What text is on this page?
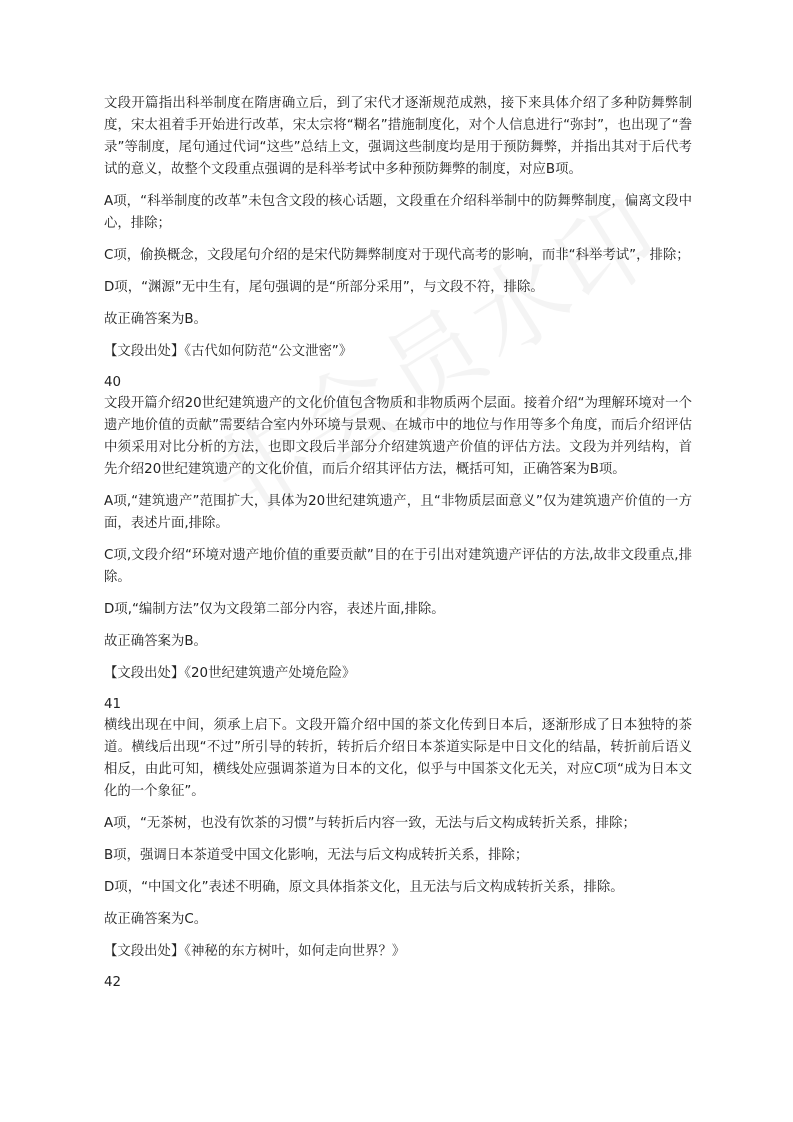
文段开篇指出科举制度在隋唐确立后，到了宋代才逐渐规范成熟，接下来具体介绍了多种防舞弊制度，宋太祖着手开始进行改革，宋太宗将“糊名”措施制度化，对个人信息进行“弥封”，也出现了“誊录”等制度，尾句通过代词“这些”总结上文，强调这些制度均是用于预防舞弊，并指出其对于后代考试的意义，故整个文段重点强调的是科举考试中多种预防舞弊的制度，对应B项。

A项，“科举制度的改革”未包含文段的核心话题，文段重在介绍科举制中的防舞弊制度，偏离文段中心，排除；

C项，偷换概念，文段尾句介绍的是宋代防舞弊制度对于现代高考的影响，而非“科举考试”，排除；

D项，“渊源”无中生有，尾句强调的是“所部分采用”，与文段不符，排除。

故正确答案为B。

【文段出处】《古代如何防范“公文泄密”》

40

文段开篇介绍20世纪建筑遗产的文化价值包含物质和非物质两个层面。接着介绍“为理解环境对一个遗产地价值的贡献”需要结合室内外环境与景观、在城市中的地位与作用等多个角度，而后介绍评估中须采用对比分析的方法，也即文段后半部分介绍建筑遗产价值的评估方法。文段为并列结构，首先介绍20世纪建筑遗产的文化价值，而后介绍其评估方法，概括可知，正确答案为B项。

A项,“建筑遗产”范围扩大，具体为20世纪建筑遗产，且“非物质层面意义”仅为建筑遗产价值的一方面，表述片面,排除。

C项,文段介绍“环境对遗产地价值的重要贡献”目的在于引出对建筑遗产评估的方法,故非文段重点,排除。

D项,“编制方法”仅为文段第二部分内容，表述片面,排除。

故正确答案为B。

【文段出处】《20世纪建筑遗产处境危险》

41

横线出现在中间，须承上启下。文段开篇介绍中国的茶文化传到日本后，逐渐形成了日本独特的茶道。横线后出现“不过”所引导的转折，转折后介绍日本茶道实际是中日文化的结晶，转折前后语义相反，由此可知，横线处应强调茶道为日本的文化，似乎与中国茶文化无关，对应C项“成为日本文化的一个象征”。

A项，“无茶树，也没有饮茶的习惯”与转折后内容一致，无法与后文构成转折关系，排除；

B项，强调日本茶道受中国文化影响，无法与后文构成转折关系，排除；

D项，“中国文化”表述不明确，原文具体指茶文化，且无法与后文构成转折关系，排除。

故正确答案为C。

【文段出处】《神秘的东方树叶，如何走向世界？》

42
